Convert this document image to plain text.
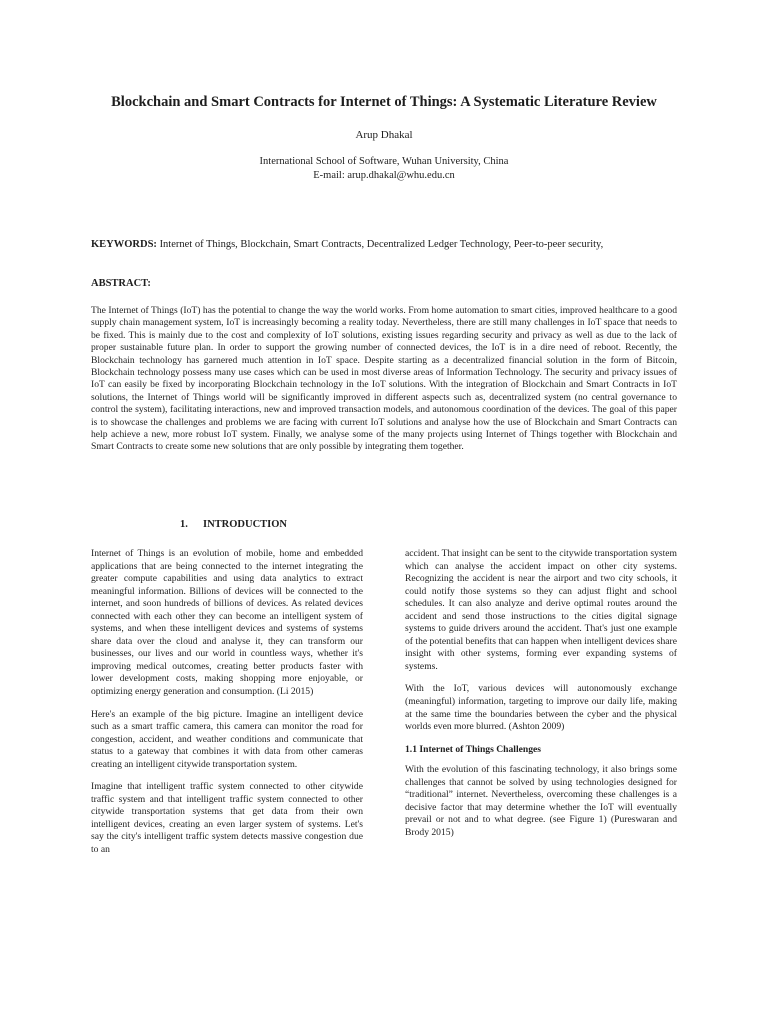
Blockchain and Smart Contracts for Internet of Things: A Systematic Literature Review
Arup Dhakal
International School of Software, Wuhan University, China
E-mail: arup.dhakal@whu.edu.cn
KEYWORDS: Internet of Things, Blockchain, Smart Contracts, Decentralized Ledger Technology, Peer-to-peer security,
ABSTRACT:

The Internet of Things (IoT) has the potential to change the way the world works. From home automation to smart cities, improved healthcare to a good supply chain management system, IoT is increasingly becoming a reality today. Nevertheless, there are still many challenges in IoT space that needs to be fixed. This is mainly due to the cost and complexity of IoT solutions, existing issues regarding security and privacy as well as due to the lack of proper sustainable future plan. In order to support the growing number of connected devices, the IoT is in a dire need of reboot. Recently, the Blockchain technology has garnered much attention in IoT space. Despite starting as a decentralized financial solution in the form of Bitcoin, Blockchain technology possess many use cases which can be used in most diverse areas of Information Technology. The security and privacy issues of IoT can easily be fixed by incorporating Blockchain technology in the IoT solutions. With the integration of Blockchain and Smart Contracts in IoT solutions, the Internet of Things world will be significantly improved in different aspects such as, decentralized system (no central governance to control the system), facilitating interactions, new and improved transaction models, and autonomous coordination of the devices. The goal of this paper is to showcase the challenges and problems we are facing with current IoT solutions and analyse how the use of Blockchain and Smart Contracts can help achieve a new, more robust IoT system. Finally, we analyse some of the many projects using Internet of Things together with Blockchain and Smart Contracts to create some new solutions that are only possible by integrating them together.

1. INTRODUCTION

Internet of Things is an evolution of mobile, home and embedded applications that are being connected to the internet integrating the greater compute capabilities and using data analytics to extract meaningful information. Billions of devices will be connected to the internet, and soon hundreds of billions of devices. As related devices connected with each other they can become an intelligent system of systems, and when these intelligent devices and systems of systems share data over the cloud and analyse it, they can transform our businesses, our lives and our world in countless ways, whether it's improving medical outcomes, creating better products faster with lower development costs, making shopping more enjoyable, or optimizing energy generation and consumption. (Li 2015)

Here's an example of the big picture. Imagine an intelligent device such as a smart traffic camera, this camera can monitor the road for congestion, accident, and weather conditions and communicate that status to a gateway that combines it with data from other cameras creating an intelligent citywide transportation system.

Imagine that intelligent traffic system connected to other citywide traffic system and that intelligent traffic system connected to other citywide transportation systems that get data from their own intelligent devices, creating an even larger system of systems. Let's say the city's intelligent traffic system detects massive congestion due to an

accident. That insight can be sent to the citywide transportation system which can analyse the accident impact on other city systems. Recognizing the accident is near the airport and two city schools, it could notify those systems so they can adjust flight and school schedules. It can also analyze and derive optimal routes around the accident and send those instructions to the cities digital signage systems to guide drivers around the accident. That's just one example of the potential benefits that can happen when intelligent devices share insight with other systems, forming ever expanding systems of systems.

With the IoT, various devices will autonomously exchange (meaningful) information, targeting to improve our daily life, making at the same time the boundaries between the cyber and the physical worlds even more blurred. (Ashton 2009)

1.1 Internet of Things Challenges

With the evolution of this fascinating technology, it also brings some challenges that cannot be solved by using technologies designed for “traditional” internet. Nevertheless, overcoming these challenges is a decisive factor that may determine whether the IoT will eventually prevail or not and to what degree. (see Figure 1) (Pureswaran and Brody 2015)
